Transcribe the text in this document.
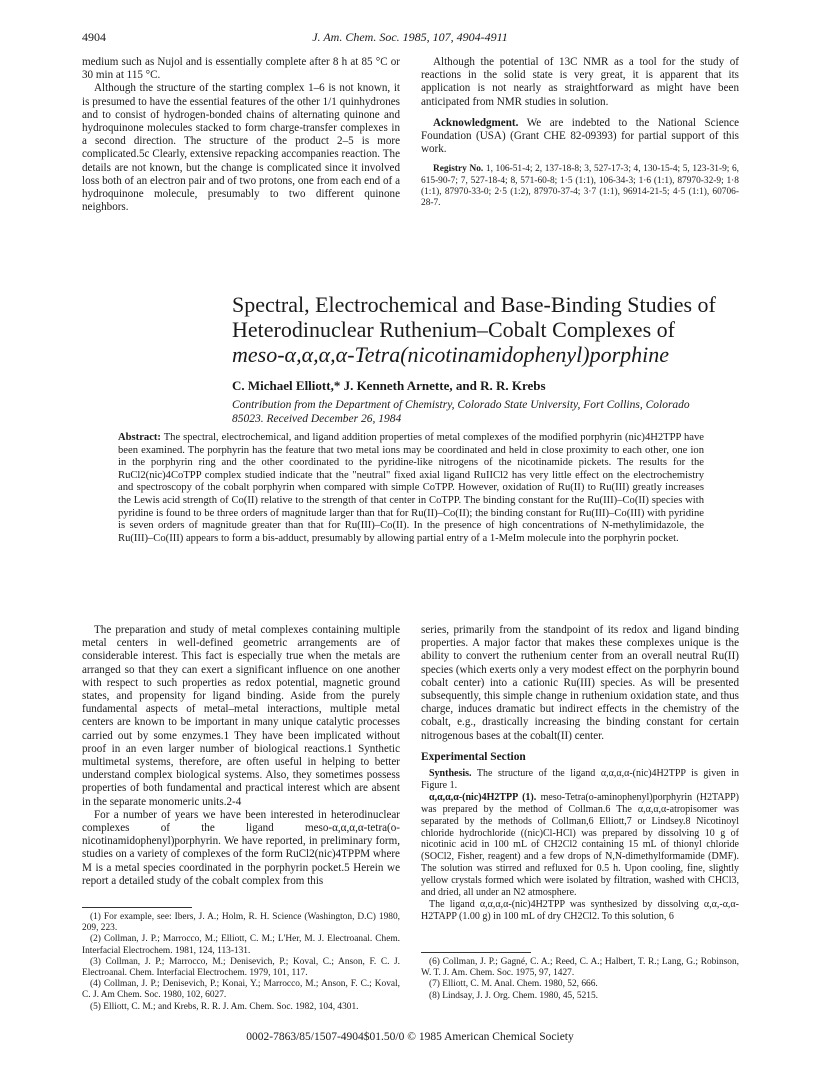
4904	J. Am. Chem. Soc. 1985, 107, 4904-4911

medium such as Nujol and is essentially complete after 8 h at 85 °C or 30 min at 115 °C.

Although the structure of the starting complex 1–6 is not known, it is presumed to have the essential features of the other 1/1 quinhydrones and to consist of hydrogen-bonded chains of alternating quinone and hydroquinone molecules stacked to form charge-transfer complexes in a second direction. The structure of the product 2–5 is more complicated.5c Clearly, extensive repacking accompanies reaction. The details are not known, but the change is complicated since it involved loss both of an electron pair and of two protons, one from each end of a hydroquinone molecule, presumably to two different quinone neighbors.

Although the potential of 13C NMR as a tool for the study of reactions in the solid state is very great, it is apparent that its application is not nearly as straightforward as might have been anticipated from NMR studies in solution.

Acknowledgment. We are indebted to the National Science Foundation (USA) (Grant CHE 82-09393) for partial support of this work.

Registry No. 1, 106-51-4; 2, 137-18-8; 3, 527-17-3; 4, 130-15-4; 5, 123-31-9; 6, 615-90-7; 7, 527-18-4; 8, 571-60-8; 1·5 (1:1), 106-34-3; 1·6 (1:1), 87970-32-9; 1·8 (1:1), 87970-33-0; 2·5 (1:2), 87970-37-4; 3·7 (1:1), 96914-21-5; 4·5 (1:1), 60706-28-7.

Spectral, Electrochemical and Base-Binding Studies of
Heterodinuclear Ruthenium–Cobalt Complexes of
meso-α,α,α,α-Tetra(nicotinamidophenyl)porphine
C. Michael Elliott,* J. Kenneth Arnette, and R. R. Krebs
Contribution from the Department of Chemistry, Colorado State University, Fort Collins, Colorado 85023. Received December 26, 1984
Abstract: The spectral, electrochemical, and ligand addition properties of metal complexes of the modified porphyrin (nic)4H2TPP have been examined. The porphyrin has the feature that two metal ions may be coordinated and held in close proximity to each other, one ion in the porphyrin ring and the other coordinated to the pyridine-like nitrogens of the nicotinamide pickets. The results for the RuCl2(nic)4CoTPP complex studied indicate that the "neutral" fixed axial ligand RuIICl2 has very little effect on the electrochemistry and spectroscopy of the cobalt porphyrin when compared with simple CoTPP. However, oxidation of Ru(II) to Ru(III) greatly increases the Lewis acid strength of Co(II) relative to the strength of that center in CoTPP. The binding constant for the Ru(III)–Co(II) species with pyridine is found to be three orders of magnitude larger than that for Ru(II)–Co(II); the binding constant for Ru(III)–Co(III) with pyridine is seven orders of magnitude greater than that for Ru(III)–Co(II). In the presence of high concentrations of N-methylimidazole, the Ru(III)–Co(III) appears to form a bis-adduct, presumably by allowing partial entry of a 1-MeIm molecule into the porphyrin pocket.

The preparation and study of metal complexes containing multiple metal centers in well-defined geometric arrangements are of considerable interest. This fact is especially true when the metals are arranged so that they can exert a significant influence on one another with respect to such properties as redox potential, magnetic ground states, and propensity for ligand binding. Aside from the purely fundamental aspects of metal–metal interactions, multiple metal centers are known to be important in many unique catalytic processes carried out by some enzymes.1 They have been implicated without proof in an even larger number of biological reactions.1 Synthetic multimetal systems, therefore, are often useful in helping to better understand complex biological systems. Also, they sometimes possess properties of both fundamental and practical interest which are absent in the separate monomeric units.2-4

For a number of years we have been interested in heterodinuclear complexes of the ligand meso-α,α,α,α-tetra(o-nicotinamidophenyl)porphyrin. We have reported, in preliminary form, studies on a variety of complexes of the form RuCl2(nic)4TPPM where M is a metal species coordinated in the porphyrin pocket.5 Herein we report a detailed study of the cobalt complex from this

(1) For example, see: Ibers, J. A.; Holm, R. H. Science (Washington, D.C) 1980, 209, 223.

(2) Collman, J. P.; Marrocco, M.; Elliott, C. M.; L'Her, M. J. Electroanal. Chem. Interfacial Electrochem. 1981, 124, 113-131.

(3) Collman, J. P.; Marrocco, M.; Denisevich, P.; Koval, C.; Anson, F. C. J. Electroanal. Chem. Interfacial Electrochem. 1979, 101, 117.

(4) Collman, J. P.; Denisevich, P.; Konai, Y.; Marrocco, M.; Anson, F. C.; Koval, C. J. Am Chem. Soc. 1980, 102, 6027.

(5) Elliott, C. M.; and Krebs, R. R. J. Am. Chem. Soc. 1982, 104, 4301.

series, primarily from the standpoint of its redox and ligand binding properties. A major factor that makes these complexes unique is the ability to convert the ruthenium center from an overall neutral Ru(II) species (which exerts only a very modest effect on the porphyrin bound cobalt center) into a cationic Ru(III) species. As will be presented subsequently, this simple change in ruthenium oxidation state, and thus charge, induces dramatic but indirect effects in the chemistry of the cobalt, e.g., drastically increasing the binding constant for certain nitrogenous bases at the cobalt(II) center.

Experimental Section

Synthesis. The structure of the ligand α,α,α,α-(nic)4H2TPP is given in Figure 1.

α,α,α,α-(nic)4H2TPP (1). meso-Tetra(o-aminophenyl)porphyrin (H2TAPP) was prepared by the method of Collman.6 The α,α,α,α-atropisomer was separated by the methods of Collman,6 Elliott,7 or Lindsey.8 Nicotinoyl chloride hydrochloride ((nic)Cl-HCl) was prepared by dissolving 10 g of nicotinic acid in 100 mL of CH2Cl2 containing 15 mL of thionyl chloride (SOCl2, Fisher, reagent) and a few drops of N,N-dimethylformamide (DMF). The solution was stirred and refluxed for 0.5 h. Upon cooling, fine, slightly yellow crystals formed which were isolated by filtration, washed with CHCl3, and dried, all under an N2 atmosphere.

The ligand α,α,α,α-(nic)4H2TPP was synthesized by dissolving α,α,-α,α-H2TAPP (1.00 g) in 100 mL of dry CH2Cl2. To this solution, 6

(6) Collman, J. P.; Gagné, C. A.; Reed, C. A.; Halbert, T. R.; Lang, G.; Robinson, W. T. J. Am. Chem. Soc. 1975, 97, 1427.

(7) Elliott, C. M. Anal. Chem. 1980, 52, 666.

(8) Lindsay, J. J. Org. Chem. 1980, 45, 5215.

0002-7863/85/1507-4904$01.50/0 © 1985 American Chemical Society
